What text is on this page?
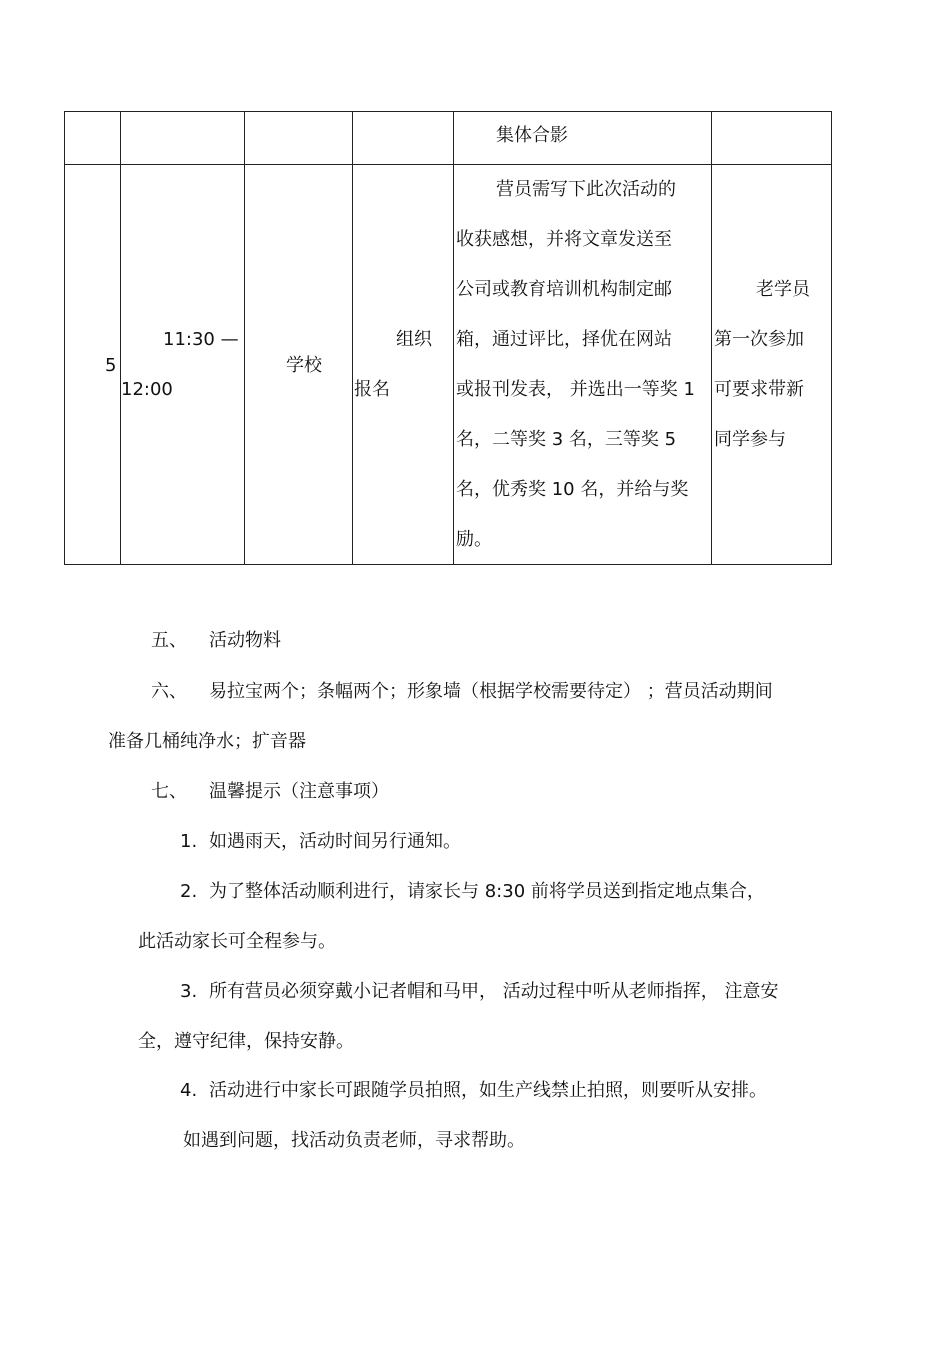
集体合影
5
11:30 —
12:00
学校
组织
报名
营员需写下此次活动的
收获感想，并将文章发送至
公司或教育培训机构制定邮
箱，通过评比，择优在网站
或报刊发表， 并选出一等奖 1
名，二等奖 3 名，三等奖 5
名，优秀奖 10 名，并给与奖
励。
老学员
第一次参加
可要求带新
同学参与
五、 活动物料
六、 易拉宝两个；条幅两个；形象墙（根据学校需要待定） ；营员活动期间
准备几桶纯净水；扩音器
七、 温馨提示（注意事项）
1. 如遇雨天，活动时间另行通知。
2. 为了整体活动顺利进行，请家长与 8:30 前将学员送到指定地点集合，
此活动家长可全程参与。
3. 所有营员必须穿戴小记者帽和马甲， 活动过程中听从老师指挥， 注意安
全，遵守纪律，保持安静。
4. 活动进行中家长可跟随学员拍照，如生产线禁止拍照，则要听从安排。
如遇到问题，找活动负责老师，寻求帮助。
